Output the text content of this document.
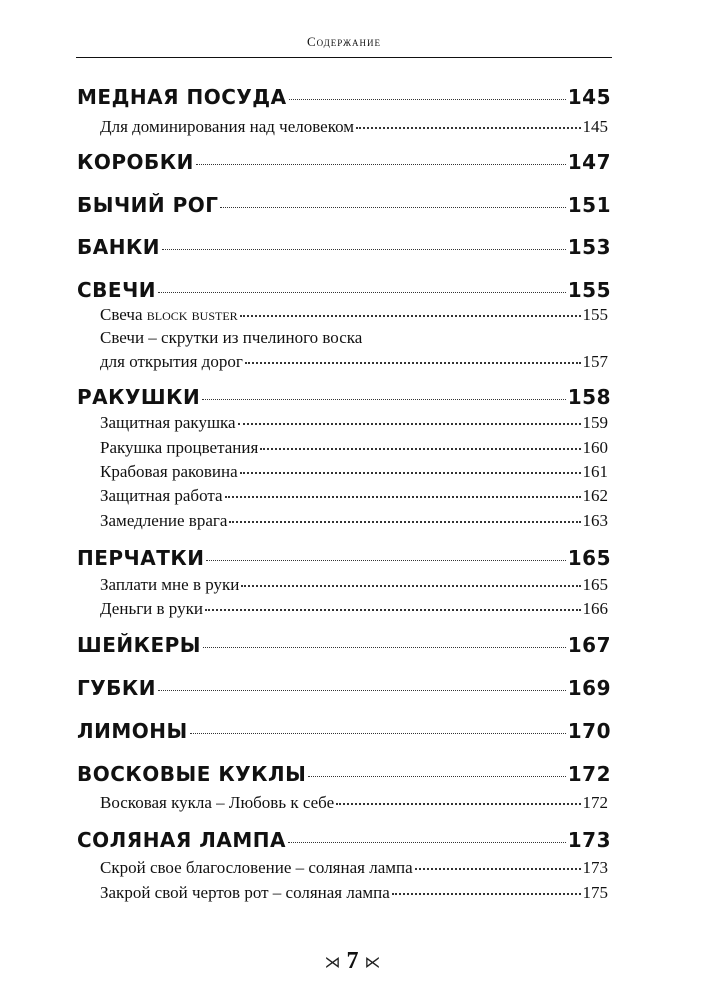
Содержание
МЕДНАЯ ПОСУДА	145
Для доминирования над человеком	145
КОРОБКИ	147
БЫЧИЙ РОГ	151
БАНКИ	153
СВЕЧИ	155
Свеча block buster	155
Свечи – скрутки из пчелиного воска
для открытия дорог	157
РАКУШКИ	158
Защитная ракушка	159
Ракушка процветания	160
Крабовая раковина	161
Защитная работа	162
Замедление врага	163
ПЕРЧАТКИ	165
Заплати мне в руки	165
Деньги в руки	166
ШЕЙКЕРЫ	167
ГУБКИ	169
ЛИМОНЫ	170
ВОСКОВЫЕ КУКЛЫ	172
Восковая кукла – Любовь к себе	172
СОЛЯНАЯ ЛАМПА	173
Скрой свое благословение – соляная лампа	173
Закрой свой чертов рот – соляная лампа	175
⋊ 7 ⋉
